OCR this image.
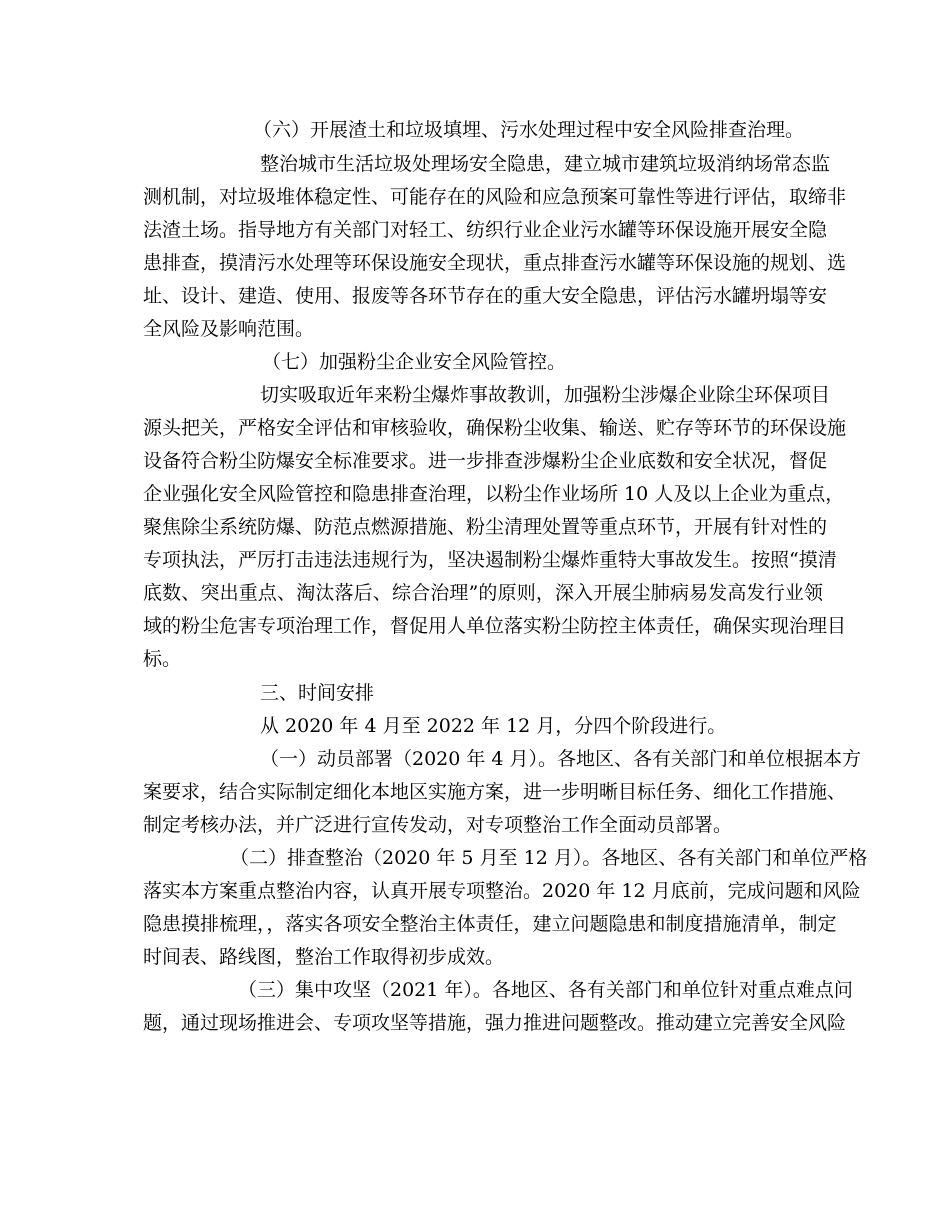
（六）开展渣土和垃圾填埋、污水处理过程中安全风险排查治理。
整治城市生活垃圾处理场安全隐患，建立城市建筑垃圾消纳场常态监
测机制，对垃圾堆体稳定性、可能存在的风险和应急预案可靠性等进行评估，取缔非
法渣土场。指导地方有关部门对轻工、纺织行业企业污水罐等环保设施开展安全隐
患排查，摸清污水处理等环保设施安全现状，重点排查污水罐等环保设施的规划、选
址、设计、建造、使用、报废等各环节存在的重大安全隐患，评估污水罐坍塌等安
全风险及影响范围。
（七）加强粉尘企业安全风险管控。
切实吸取近年来粉尘爆炸事故教训，加强粉尘涉爆企业除尘环保项目
源头把关，严格安全评估和审核验收，确保粉尘收集、输送、贮存等环节的环保设施
设备符合粉尘防爆安全标准要求。进一步排查涉爆粉尘企业底数和安全状况，督促
企业强化安全风险管控和隐患排查治理，以粉尘作业场所 10 人及以上企业为重点，
聚焦除尘系统防爆、防范点燃源措施、粉尘清理处置等重点环节，开展有针对性的
专项执法，严厉打击违法违规行为，坚决遏制粉尘爆炸重特大事故发生。按照“摸清
底数、突出重点、淘汰落后、综合治理”的原则，深入开展尘肺病易发高发行业领
域的粉尘危害专项治理工作，督促用人单位落实粉尘防控主体责任，确保实现治理目
标。
三、时间安排
从 2020 年 4 月至 2022 年 12 月，分四个阶段进行。
（一）动员部署（2020 年 4 月）。各地区、各有关部门和单位根据本方
案要求，结合实际制定细化本地区实施方案，进一步明晰目标任务、细化工作措施、
制定考核办法，并广泛进行宣传发动，对专项整治工作全面动员部署。
（二）排查整治（2020 年 5 月至 12 月）。各地区、各有关部门和单位严格
落实本方案重点整治内容，认真开展专项整治。2020 年 12 月底前，完成问题和风险
隐患摸排梳理，，落实各项安全整治主体责任，建立问题隐患和制度措施清单，制定
时间表、路线图，整治工作取得初步成效。
（三）集中攻坚（2021 年）。各地区、各有关部门和单位针对重点难点问
题，通过现场推进会、专项攻坚等措施，强力推进问题整改。推动建立完善安全风险
